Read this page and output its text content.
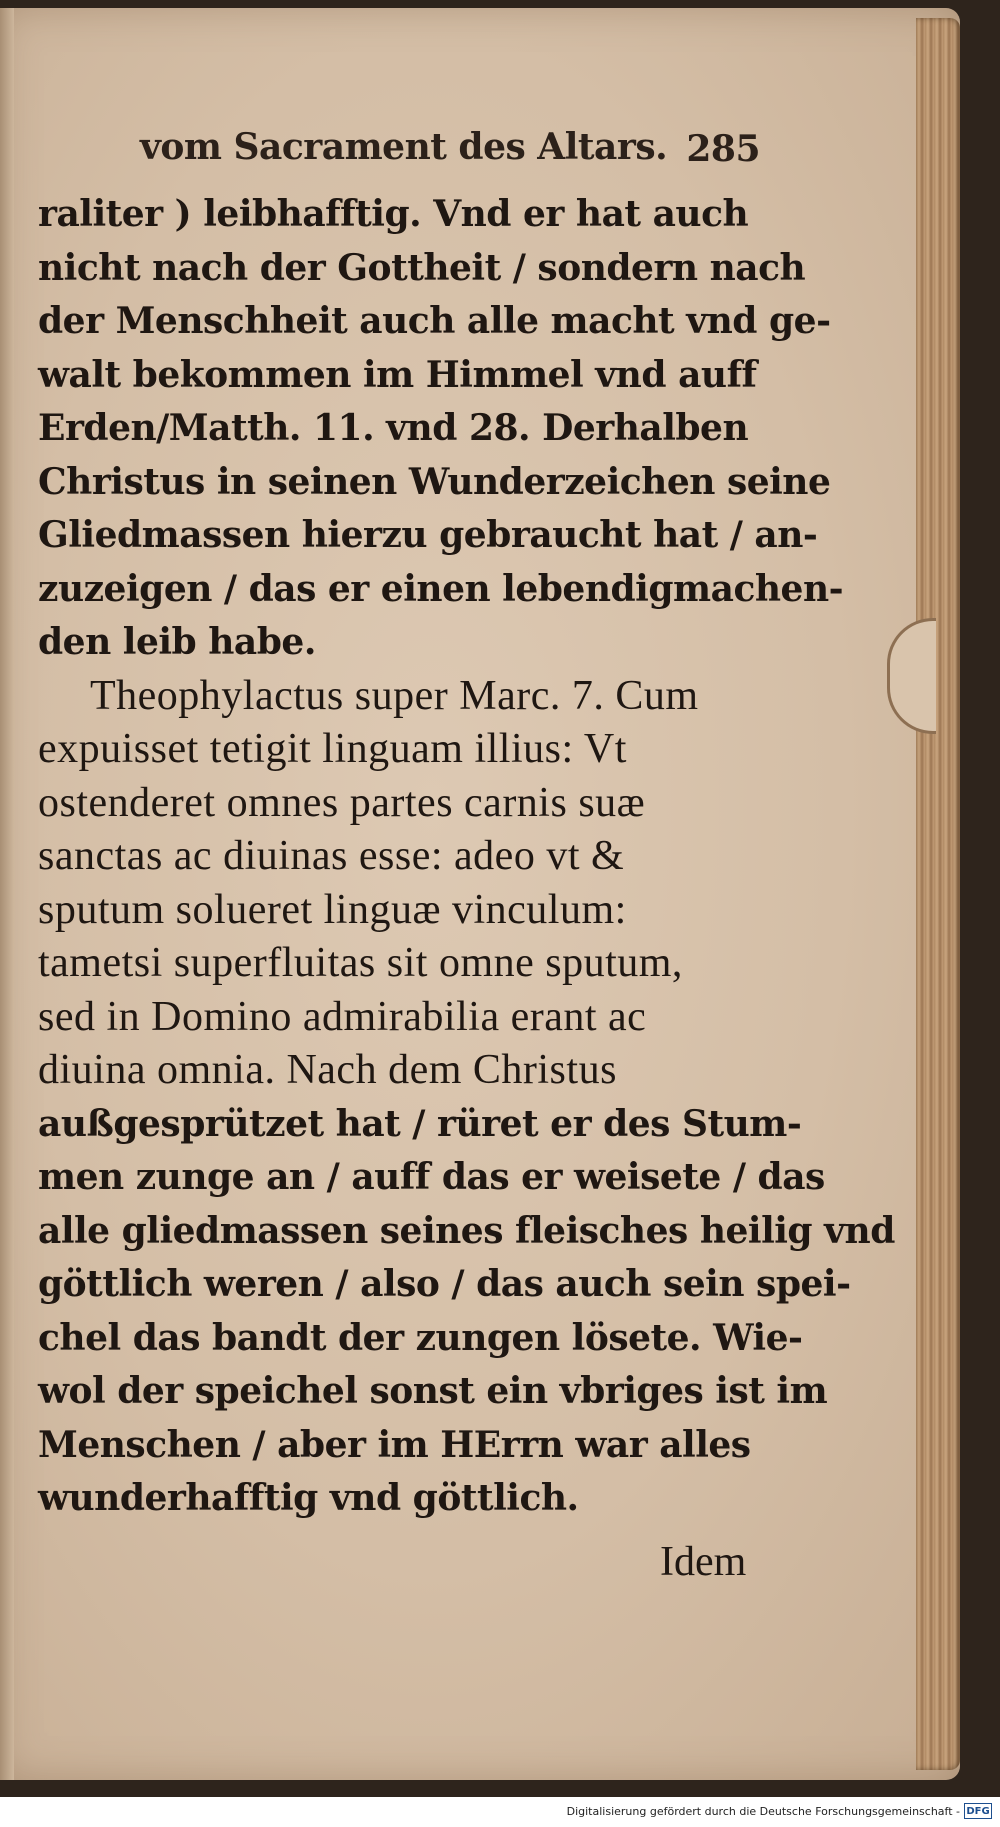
vom Sacrament des Altars. 285
raliter ) leibhafftig. Vnd er hat auch
nicht nach der Gottheit / sondern nach
der Menschheit auch alle macht vnd ge-
walt bekommen im Himmel vnd auff
Erden/Matth. 11. vnd 28. Derhalben
Christus in seinen Wunderzeichen seine
Gliedmassen hierzu gebraucht hat / an-
zuzeigen / das er einen lebendigmachen-
den leib habe.
Theophylactus super Marc. 7. Cum
expuisset tetigit linguam illius: Vt
ostenderet omnes partes carnis suæ
sanctas ac diuinas esse: adeo vt &
sputum solueret linguæ vinculum:
tametsi superfluitas sit omne sputum,
sed in Domino admirabilia erant ac
diuina omnia. Nach dem Christus
außgesprützet hat / rüret er des Stum-
men zunge an / auff das er weisete / das
alle gliedmassen seines fleisches heilig vnd
göttlich weren / also / das auch sein spei-
chel das bandt der zungen lösete. Wie-
wol der speichel sonst ein vbriges ist im
Menschen / aber im HErrn war alles
wunderhafftig vnd göttlich.
Idem
Digitalisierung gefördert durch die Deutsche Forschungsgemeinschaft - DFG
